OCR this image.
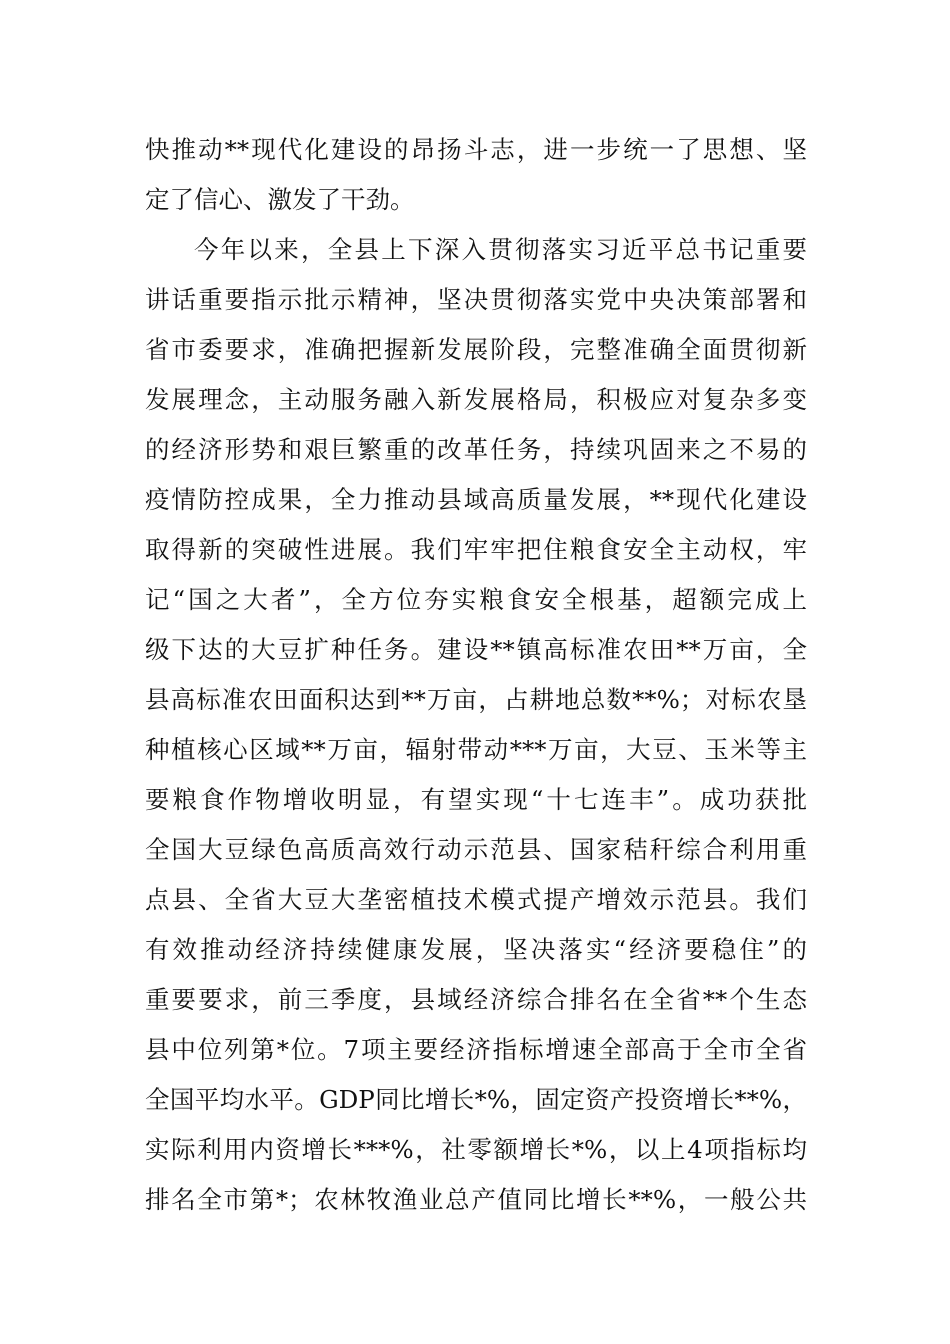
快推动**现代化建设的昂扬斗志，进一步统一了思想、坚
定了信心、激发了干劲。
今年以来，全县上下深入贯彻落实习近平总书记重要
讲话重要指示批示精神，坚决贯彻落实党中央决策部署和
省市委要求，准确把握新发展阶段，完整准确全面贯彻新
发展理念，主动服务融入新发展格局，积极应对复杂多变
的经济形势和艰巨繁重的改革任务，持续巩固来之不易的
疫情防控成果，全力推动县域高质量发展，**现代化建设
取得新的突破性进展。我们牢牢把住粮食安全主动权，牢
记“国之大者”，全方位夯实粮食安全根基，超额完成上
级下达的大豆扩种任务。建设**镇高标准农田**万亩，全
县高标准农田面积达到**万亩，占耕地总数**%；对标农垦
种植核心区域**万亩，辐射带动***万亩，大豆、玉米等主
要粮食作物增收明显，有望实现“十七连丰”。成功获批
全国大豆绿色高质高效行动示范县、国家秸秆综合利用重
点县、全省大豆大垄密植技术模式提产增效示范县。我们
有效推动经济持续健康发展，坚决落实“经济要稳住”的
重要要求，前三季度，县域经济综合排名在全省**个生态
县中位列第*位。7项主要经济指标增速全部高于全市全省
全国平均水平。GDP同比增长*%，固定资产投资增长**%，
实际利用内资增长***%，社零额增长*%，以上4项指标均
排名全市第*；农林牧渔业总产值同比增长**%，一般公共
